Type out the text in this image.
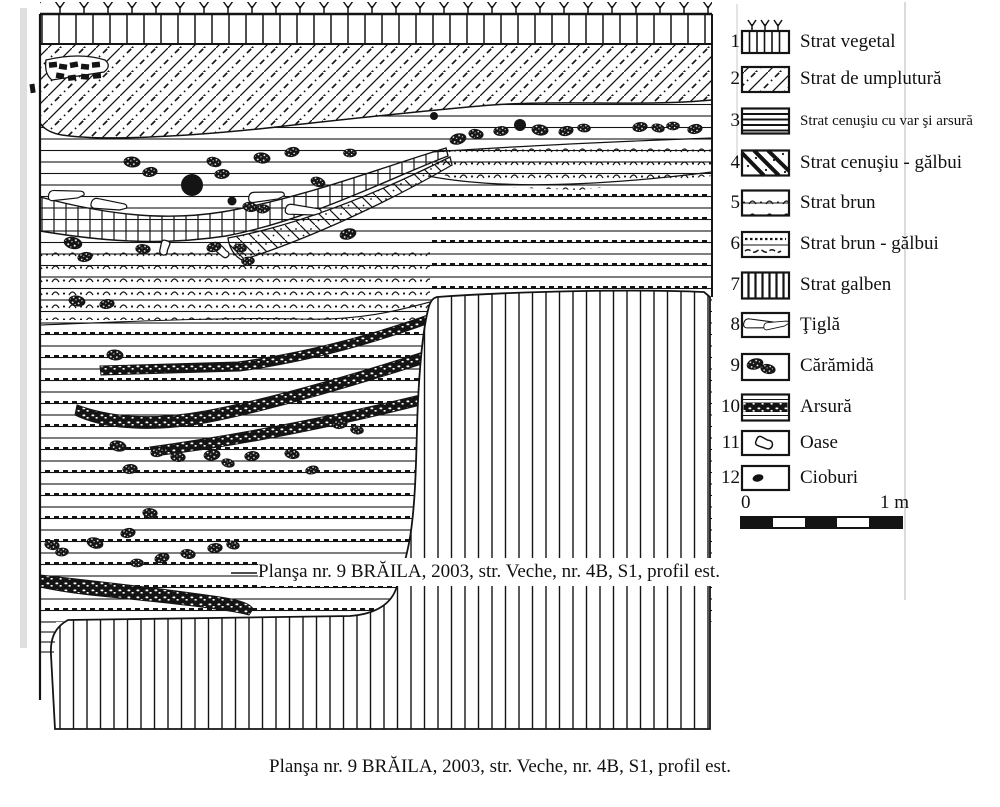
1	Strat vegetal
2	Strat de umplutură
3	Strat cenuşiu cu var şi arsură
4	Strat cenuşiu - gălbui
5	Strat brun
6	Strat brun - gălbui
7	Strat galben
8	Ţiglă
9	Cărămidă
10	Arsură
11	Oase
12	Cioburi
0	1 m
Planşa nr. 9 BRĂILA, 2003, str. Veche, nr. 4B, S1, profil est.
Planşa nr. 9 BRĂILA, 2003, str. Veche, nr. 4B, S1, profil est.
